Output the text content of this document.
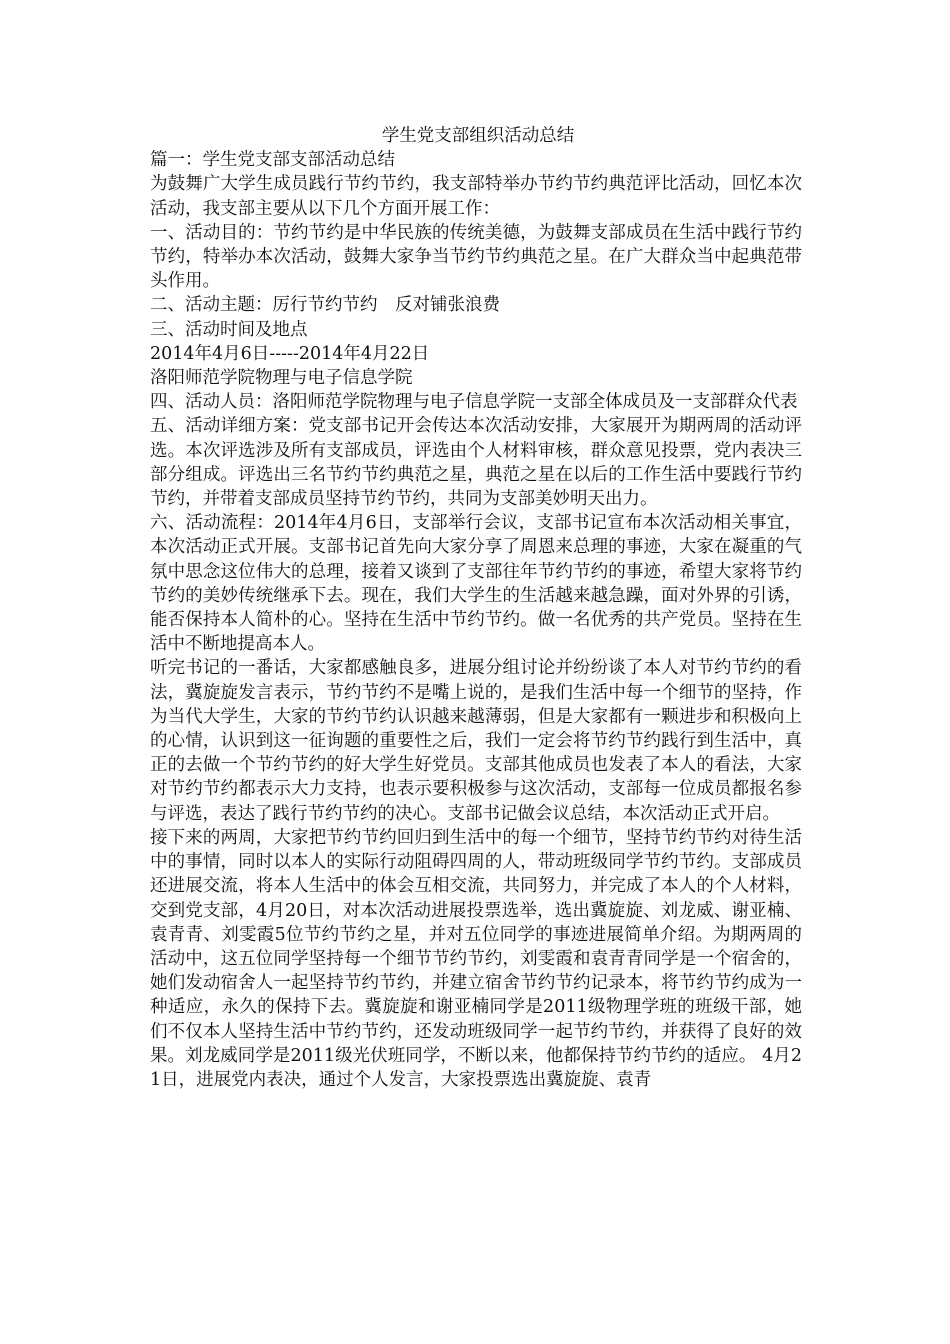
学生党支部组织活动总结

篇一：学生党支部支部活动总结

为鼓舞广大学生成员践行节约节约，我支部特举办节约节约典范评比活动，回忆本次活动，我支部主要从以下几个方面开展工作：

一、活动目的：节约节约是中华民族的传统美德，为鼓舞支部成员在生活中践行节约节约，特举办本次活动，鼓舞大家争当节约节约典范之星。在广大群众当中起典范带头作用。

二、活动主题：厉行节约节约　反对铺张浪费

三、活动时间及地点

2014年4月6日-----2014年4月22日

洛阳师范学院物理与电子信息学院

四、活动人员：洛阳师范学院物理与电子信息学院一支部全体成员及一支部群众代表

五、活动详细方案：党支部书记开会传达本次活动安排，大家展开为期两周的活动评选。本次评选涉及所有支部成员，评选由个人材料审核，群众意见投票，党内表决三部分组成。评选出三名节约节约典范之星，典范之星在以后的工作生活中要践行节约节约，并带着支部成员坚持节约节约，共同为支部美妙明天出力。

六、活动流程：2014年4月6日，支部举行会议，支部书记宣布本次活动相关事宜，本次活动正式开展。支部书记首先向大家分享了周恩来总理的事迹，大家在凝重的气氛中思念这位伟大的总理，接着又谈到了支部往年节约节约的事迹，希望大家将节约节约的美妙传统继承下去。现在，我们大学生的生活越来越急躁，面对外界的引诱，能否保持本人简朴的心。坚持在生活中节约节约。做一名优秀的共产党员。坚持在生活中不断地提高本人。

听完书记的一番话，大家都感触良多，进展分组讨论并纷纷谈了本人对节约节约的看法，冀旋旋发言表示，节约节约不是嘴上说的，是我们生活中每一个细节的坚持，作为当代大学生，大家的节约节约认识越来越薄弱，但是大家都有一颗进步和积极向上的心情，认识到这一征询题的重要性之后，我们一定会将节约节约践行到生活中，真正的去做一个节约节约的好大学生好党员。支部其他成员也发表了本人的看法，大家对节约节约都表示大力支持，也表示要积极参与这次活动，支部每一位成员都报名参与评选，表达了践行节约节约的决心。支部书记做会议总结，本次活动正式开启。

接下来的两周，大家把节约节约回归到生活中的每一个细节，坚持节约节约对待生活中的事情，同时以本人的实际行动阻碍四周的人，带动班级同学节约节约。支部成员还进展交流，将本人生活中的体会互相交流，共同努力，并完成了本人的个人材料，交到党支部，4月20日，对本次活动进展投票选举，选出冀旋旋、刘龙威、谢亚楠、袁青青、刘雯霞5位节约节约之星，并对五位同学的事迹进展简单介绍。为期两周的活动中，这五位同学坚持每一个细节节约节约，刘雯霞和袁青青同学是一个宿舍的，她们发动宿舍人一起坚持节约节约，并建立宿舍节约节约记录本，将节约节约成为一种适应，永久的保持下去。冀旋旋和谢亚楠同学是2011级物理学班的班级干部，她们不仅本人坚持生活中节约节约，还发动班级同学一起节约节约，并获得了良好的效果。刘龙威同学是2011级光伏班同学，不断以来，他都保持节约节约的适应。 4月21日，进展党内表决，通过个人发言，大家投票选出冀旋旋、袁青
